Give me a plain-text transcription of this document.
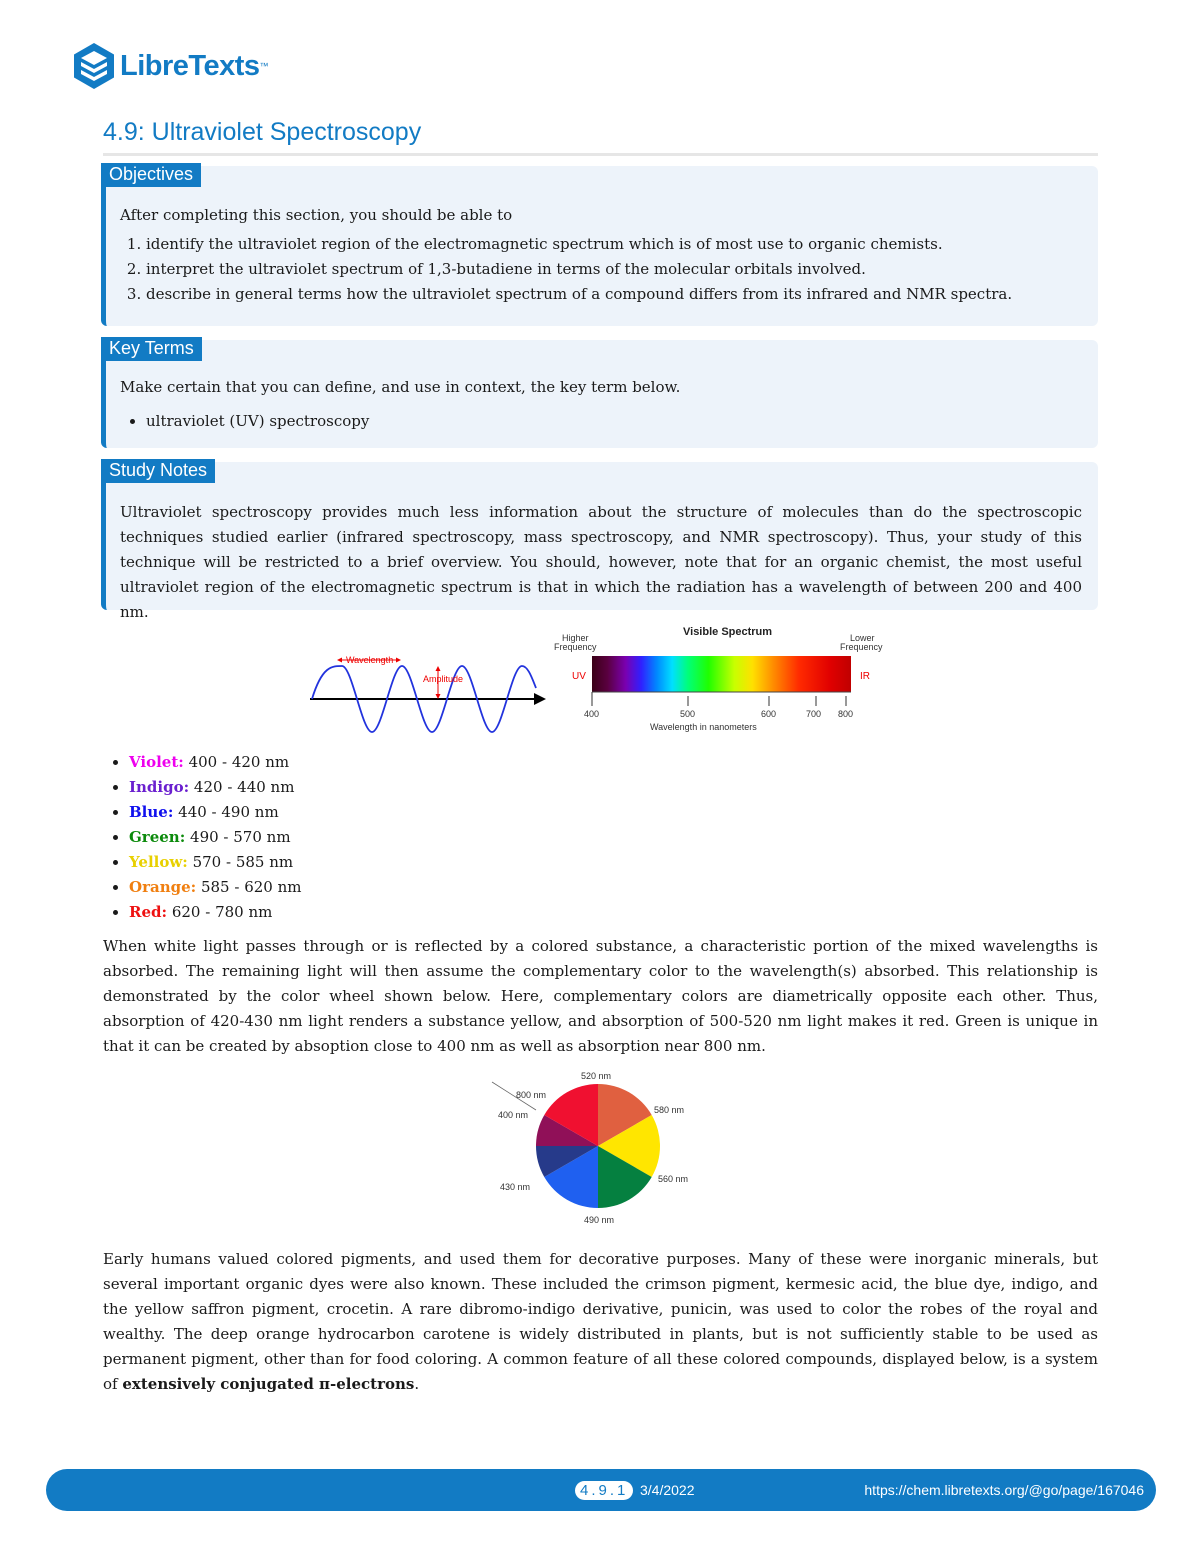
LibreTexts ™
4.9: Ultraviolet Spectroscopy
Objectives

After completing this section, you should be able to

1. identify the ultraviolet region of the electromagnetic spectrum which is of most use to organic chemists.
2. interpret the ultraviolet spectrum of 1,3-butadiene in terms of the molecular orbitals involved.
3. describe in general terms how the ultraviolet spectrum of a compound differs from its infrared and NMR spectra.
Key Terms

Make certain that you can define, and use in context, the key term below.

• ultraviolet (UV) spectroscopy
Study Notes

Ultraviolet spectroscopy provides much less information about the structure of molecules than do the spectroscopic techniques studied earlier (infrared spectroscopy, mass spectroscopy, and NMR spectroscopy). Thus, your study of this technique will be restricted to a brief overview. You should, however, note that for an organic chemist, the most useful ultraviolet region of the electromagnetic spectrum is that in which the radiation has a wavelength of between 200 and 400 nm.

Wavelength
Amplitude
Visible Spectrum
Higher
Frequency
Lower
Frequency
UV	IR
400	500	600	700 800
Wavelength in nanometers
• Violet: 400 - 420 nm
• Indigo: 420 - 440 nm
• Blue: 440 - 490 nm
• Green: 490 - 570 nm
• Yellow: 570 - 585 nm
• Orange: 585 - 620 nm
• Red: 620 - 780 nm

When white light passes through or is reflected by a colored substance, a characteristic portion of the mixed wavelengths is absorbed. The remaining light will then assume the complementary color to the wavelength(s) absorbed. This relationship is demonstrated by the color wheel shown below. Here, complementary colors are diametrically opposite each other. Thus, absorption of 420-430 nm light renders a substance yellow, and absorption of 500-520 nm light makes it red. Green is unique in that it can be created by absoption close to 400 nm as well as absorption near 800 nm.

520 nm
580 nm
560 nm
490 nm
430 nm
400 nm
800 nm

Early humans valued colored pigments, and used them for decorative purposes. Many of these were inorganic minerals, but several important organic dyes were also known. These included the crimson pigment, kermesic acid, the blue dye, indigo, and the yellow saffron pigment, crocetin. A rare dibromo-indigo derivative, punicin, was used to color the robes of the royal and wealthy. The deep orange hydrocarbon carotene is widely distributed in plants, but is not sufficiently stable to be used as permanent pigment, other than for food coloring. A common feature of all these colored compounds, displayed below, is a system of extensively conjugated π-electrons.

4.9.1 3/4/2022	https://chem.libretexts.org/@go/page/167046
